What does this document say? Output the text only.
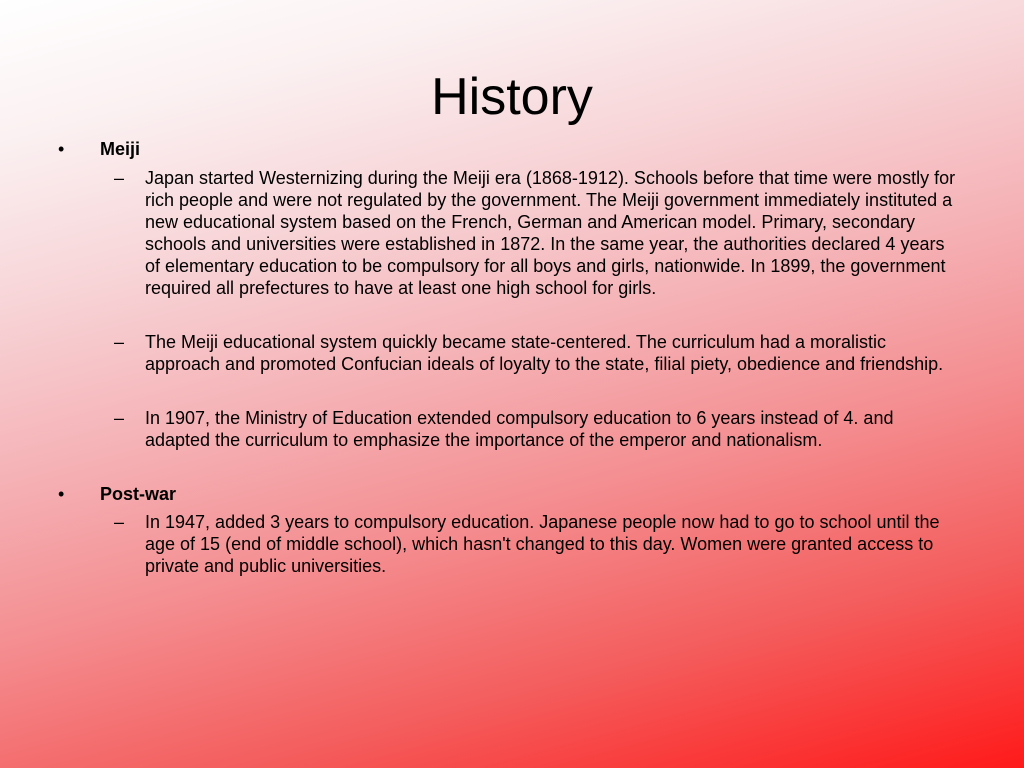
History
• Meiji
– Japan started Westernizing during the Meiji era (1868-1912). Schools before that time were mostly for rich people and were not regulated by the government. The Meiji government immediately instituted a new educational system based on the French, German and American model. Primary, secondary schools and universities were established in 1872. In the same year, the authorities declared 4 years of elementary education to be compulsory for all boys and girls, nationwide. In 1899, the government required all prefectures to have at least one high school for girls.
– The Meiji educational system quickly became state-centered. The curriculum had a moralistic approach and promoted Confucian ideals of loyalty to the state, filial piety, obedience and friendship.
– In 1907, the Ministry of Education extended compulsory education to 6 years instead of 4. and adapted the curriculum to emphasize the importance of the emperor and nationalism.
• Post-war
– In 1947, added 3 years to compulsory education. Japanese people now had to go to school until the age of 15 (end of middle school), which hasn't changed to this day. Women were granted access to private and public universities.
